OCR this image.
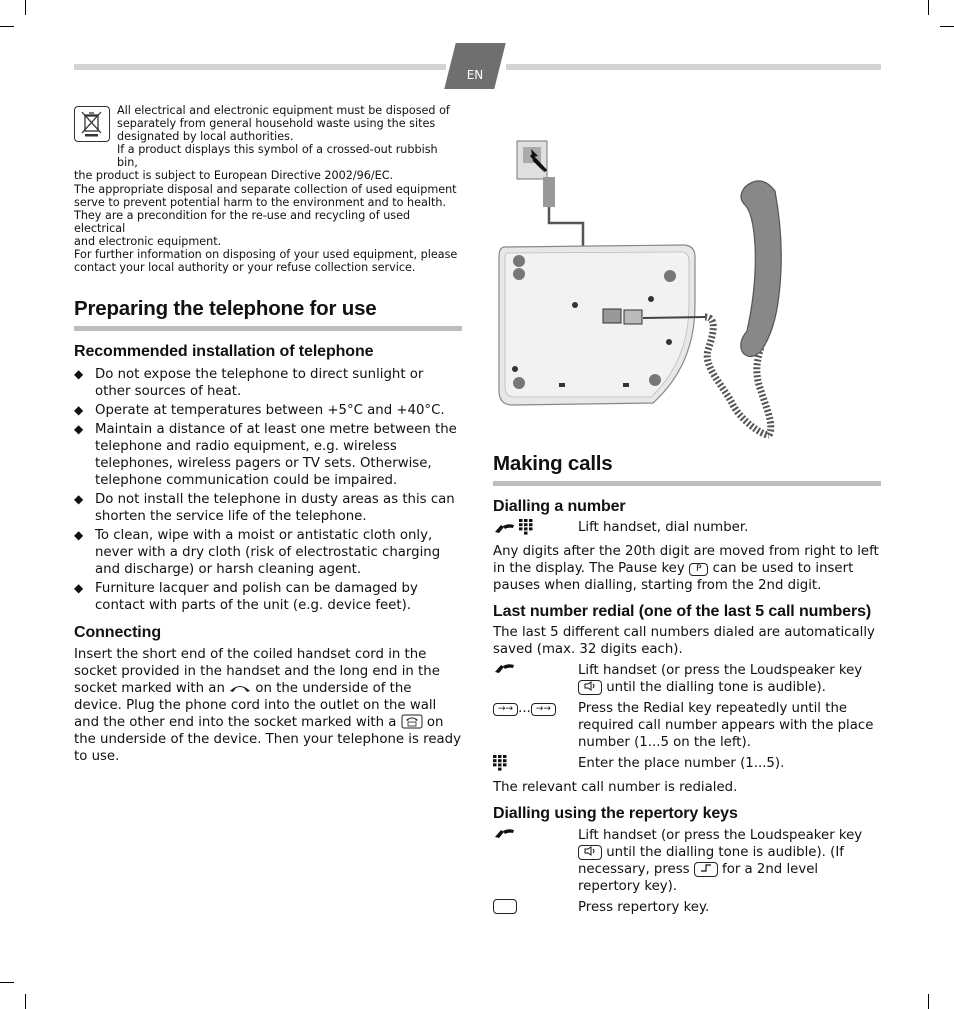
EN
All electrical and electronic equipment must be disposed of
separately from general household waste using the sites
designated by local authorities.
If a product displays this symbol of a crossed-out rubbish bin,
the product is subject to European Directive 2002/96/EC.
The appropriate disposal and separate collection of used equipment
serve to prevent potential harm to the environment and to health.
They are a precondition for the re-use and recycling of used electrical
and electronic equipment.
For further information on disposing of your used equipment, please
contact your local authority or your refuse collection service.
Preparing the telephone for use
Recommended installation of telephone
◆ Do not expose the telephone to direct sunlight or other sources of heat.
◆ Operate at temperatures between +5°C and +40°C.
◆ Maintain a distance of at least one metre between the telephone and radio equipment, e.g. wireless telephones, wireless pagers or TV sets. Otherwise, telephone communication could be impaired.
◆ Do not install the telephone in dusty areas as this can shorten the service life of the telephone.
◆ To clean, wipe with a moist or antistatic cloth only, never with a dry cloth (risk of electrostatic charging and discharge) or harsh cleaning agent.
◆ Furniture lacquer and polish can be damaged by contact with parts of the unit (e.g. device feet).
Connecting
Insert the short end of the coiled handset cord in the socket provided in the handset and the long end in the socket marked with an on the underside of the device. Plug the phone cord into the outlet on the wall and the other end into the socket marked with a on the underside of the device. Then your telephone is ready to use.
Making calls
Dialling a number

Lift handset, dial number.
Any digits after the 20th digit are moved from right to left in the display. The Pause key P can be used to insert pauses when dialling, starting from the 2nd digit.
Last number redial (one of the last 5 call numbers)
The last 5 different call numbers dialed are automatically saved (max. 32 digits each).
Lift handset (or press the Loudspeaker key  until the dialling tone is audible).
→→ ... →→	Press the Redial key repeatedly until the required call number appears with the place number (1...5 on the left).
Enter the place number (1...5).
The relevant call number is redialed.
Dialling using the repertory keys
Lift handset (or press the Loudspeaker key  until the dialling tone is audible). (If necessary, press for a 2nd level repertory key).
Press repertory key.
